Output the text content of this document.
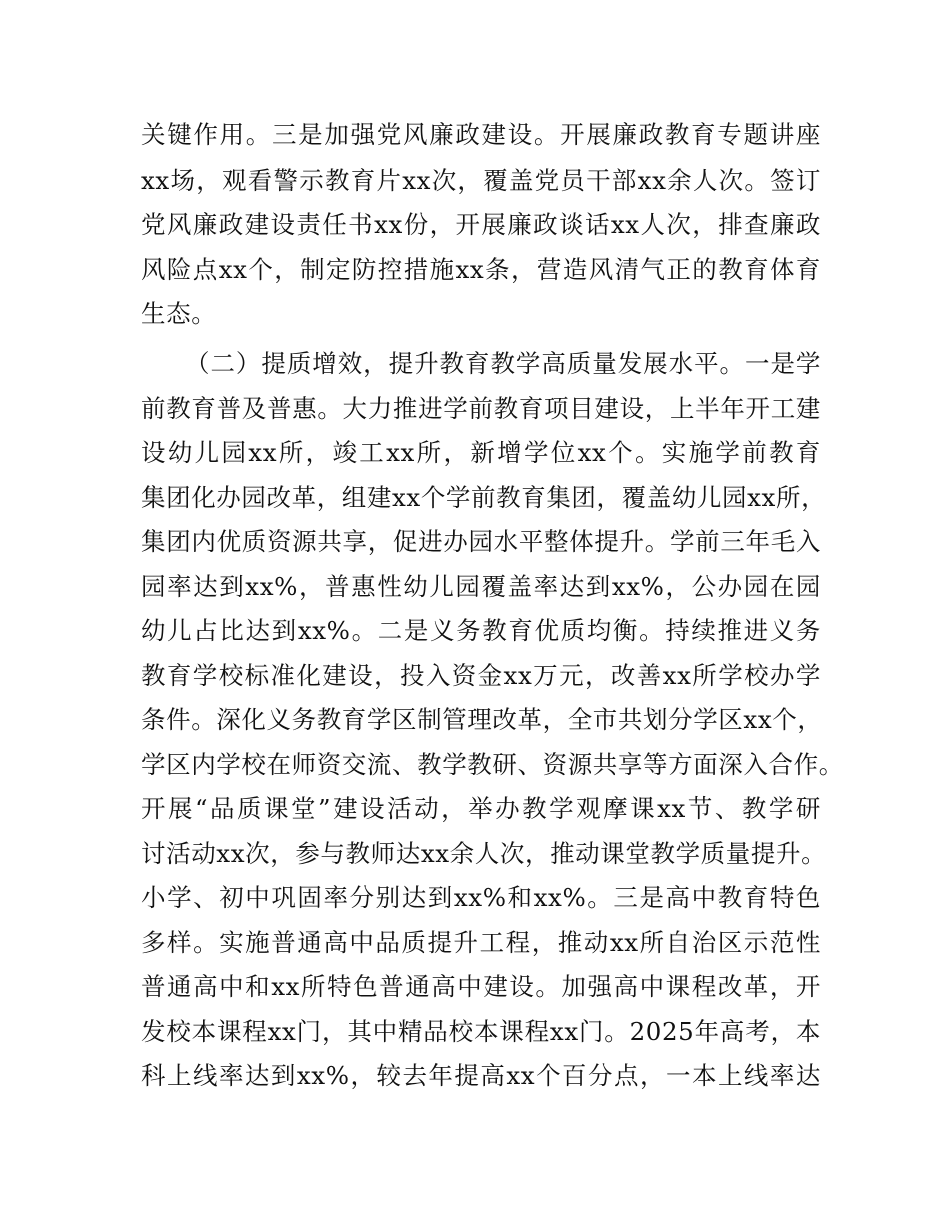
关键作用。三是加强党风廉政建设。开展廉政教育专题讲座
xx场，观看警示教育片xx次，覆盖党员干部xx余人次。签订
党风廉政建设责任书xx份，开展廉政谈话xx人次，排查廉政
风险点xx个，制定防控措施xx条，营造风清气正的教育体育
生态。
（二）提质增效，提升教育教学高质量发展水平。一是学
前教育普及普惠。大力推进学前教育项目建设，上半年开工建
设幼儿园xx所，竣工xx所，新增学位xx个。实施学前教育
集团化办园改革，组建xx个学前教育集团，覆盖幼儿园xx所，
集团内优质资源共享，促进办园水平整体提升。学前三年毛入
园率达到xx%，普惠性幼儿园覆盖率达到xx%，公办园在园
幼儿占比达到xx%。二是义务教育优质均衡。持续推进义务
教育学校标准化建设，投入资金xx万元，改善xx所学校办学
条件。深化义务教育学区制管理改革，全市共划分学区xx个，
学区内学校在师资交流、教学教研、资源共享等方面深入合作。
开展“品质课堂”建设活动，举办教学观摩课xx节、教学研
讨活动xx次，参与教师达xx余人次，推动课堂教学质量提升。
小学、初中巩固率分别达到xx%和xx%。三是高中教育特色
多样。实施普通高中品质提升工程，推动xx所自治区示范性
普通高中和xx所特色普通高中建设。加强高中课程改革，开
发校本课程xx门，其中精品校本课程xx门。2025年高考，本
科上线率达到xx%，较去年提高xx个百分点，一本上线率达
